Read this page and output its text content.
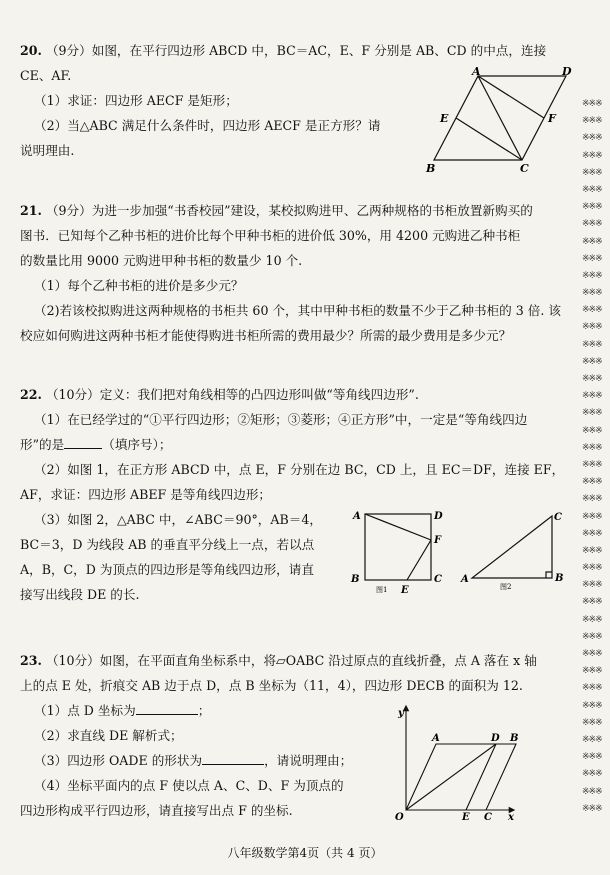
※※※
※※※
※※※
※※※
※※※
※※※
※※※
※※※
※※※
※※※
※※※
※※※
※※※
※※※
※※※
※※※
※※※
※※※
※※※
※※※
※※※
※※※
※※※
※※※
※※※
※※※
※※※
※※※
※※※
※※※
※※※
※※※
※※※
※※※
※※※
※※※
※※※
※※※
※※※
※※※
※※※
※※※
20. （9分）如图，在平行四边形 ABCD 中，BC＝AC，E、F 分别是 AB、CD 的中点，连接
CE、AF.
（1）求证：四边形 AECF 是矩形；
（2）当△ABC 满足什么条件时，四边形 AECF 是正方形？请
说明理由.
A	D
B	C
E	F
21. （9分）为进一步加强“书香校园”建设，某校拟购进甲、乙两种规格的书柜放置新购买的
图书．已知每个乙种书柜的进价比每个甲种书柜的进价低 30%，用 4200 元购进乙种书柜
的数量比用 9000 元购进甲种书柜的数量少 10 个.
（1）每个乙种书柜的进价是多少元？
（2)若该校拟购进这两种规格的书柜共 60 个，其中甲种书柜的数量不少于乙种书柜的 3 倍. 该
校应如何购进这两种书柜才能使得购进书柜所需的费用最少？所需的最少费用是多少元？
22. （10分）定义：我们把对角线相等的凸四边形叫做“等角线四边形”.
（1）在已经学过的“①平行四边形；②矩形；③菱形；④正方形”中，一定是“等角线四边
形”的是	（填序号）；
（2）如图 1，在正方形 ABCD 中，点 E，F 分别在边 BC，CD 上，且 EC＝DF，连接 EF，
AF，求证：四边形 ABEF 是等角线四边形；
（3）如图 2，△ABC 中，∠ABC＝90°，AB＝4，
BC＝3，D 为线段 AB 的垂直平分线上一点，若以点
A，B，C，D 为顶点的四边形是等角线四边形，请直
接写出线段 DE 的长.
A	D
F
B	C
E
图1
A	B
C
图2
23. （10分）如图，在平面直角坐标系中，将▱OABC 沿过原点的直线折叠，点 A 落在 x 轴
上的点 E 处，折痕交 AB 边于点 D，点 B 坐标为（11，4），四边形 DECB 的面积为 12.
（1）点 D 坐标为	；
（2）求直线 DE 解析式；
（3）四边形 OADE 的形状为	，请说明理由；
（4）坐标平面内的点 F 使以点 A、C、D、F 为顶点的
四边形构成平行四边形，请直接写出点 F 的坐标.
y
x
O
A	D B
E C
八年级数学第4页（共 4 页）
